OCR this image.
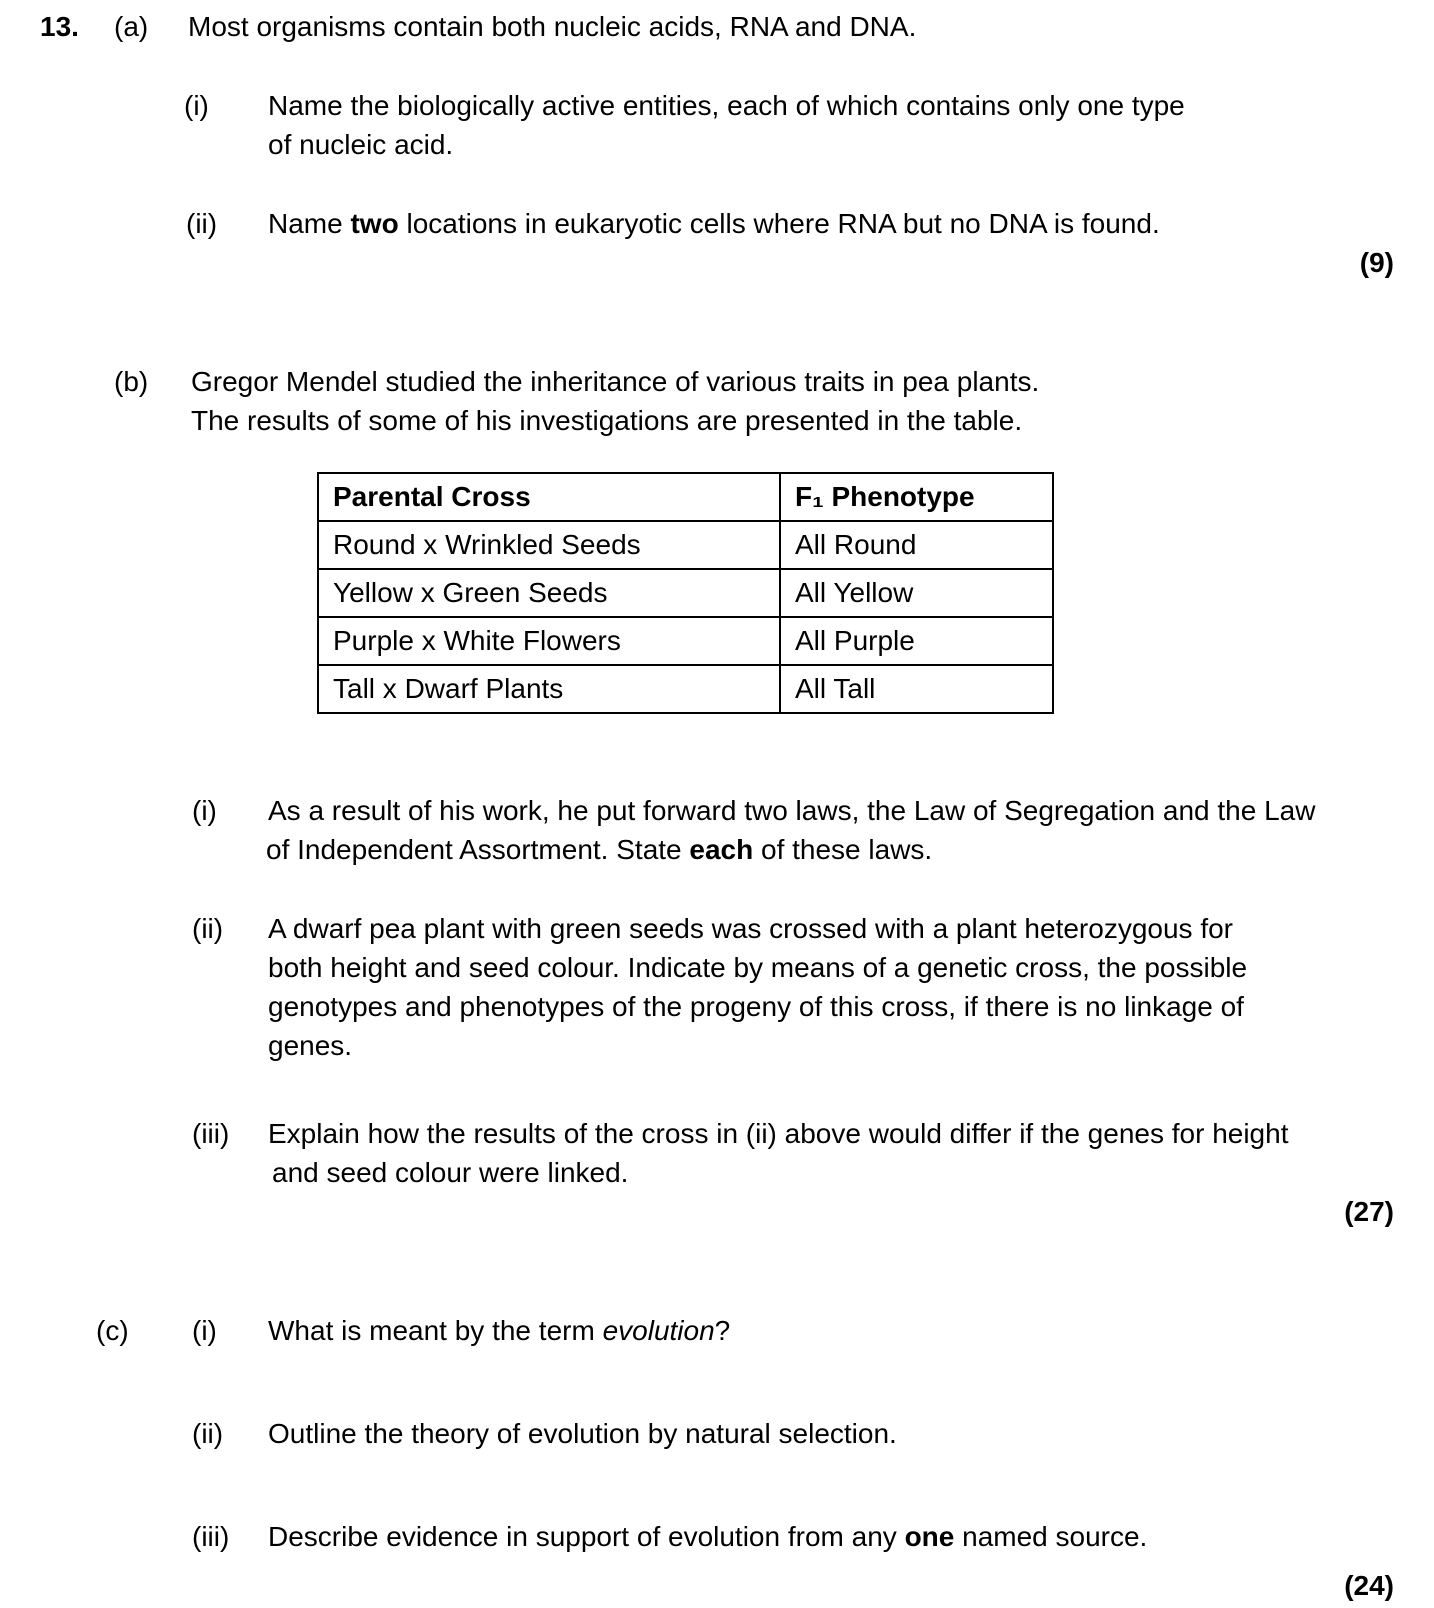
13. (a) Most organisms contain both nucleic acids, RNA and DNA.
(i) Name the biologically active entities, each of which contains only one type
of nucleic acid.
(ii) Name two locations in eukaryotic cells where RNA but no DNA is found.
(9)
(b) Gregor Mendel studied the inheritance of various traits in pea plants.
The results of some of his investigations are presented in the table.
Parental Cross	F₁ Phenotype
Round x Wrinkled Seeds	All Round
Yellow x Green Seeds	All Yellow
Purple x White Flowers	All Purple
Tall x Dwarf Plants	All Tall
(i) As a result of his work, he put forward two laws, the Law of Segregation and the Law
of Independent Assortment. State each of these laws.
(ii) A dwarf pea plant with green seeds was crossed with a plant heterozygous for
both height and seed colour. Indicate by means of a genetic cross, the possible
genotypes and phenotypes of the progeny of this cross, if there is no linkage of
genes.
(iii) Explain how the results of the cross in (ii) above would differ if the genes for height
and seed colour were linked.
(27)
(c) (i) What is meant by the term evolution?
(ii) Outline the theory of evolution by natural selection.
(iii) Describe evidence in support of evolution from any one named source.
(24)
